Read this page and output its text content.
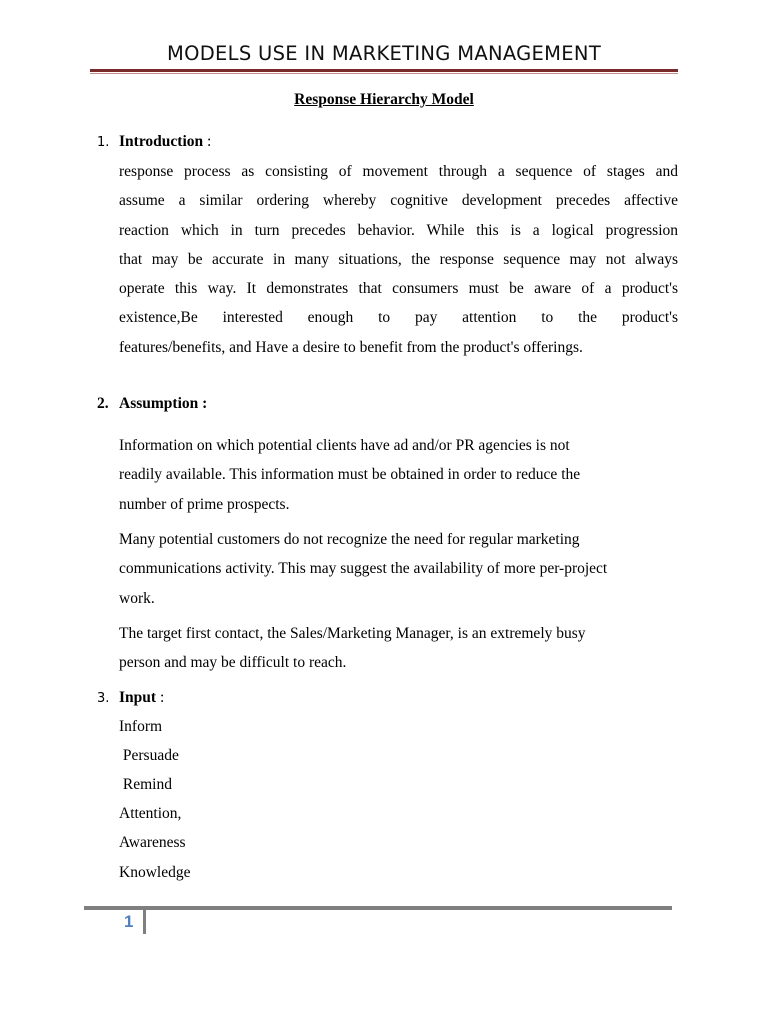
MODELS USE IN MARKETING MANAGEMENT
Response Hierarchy Model
1. Introduction :
response process as consisting of movement through a sequence of stages and
assume a similar ordering whereby cognitive development precedes affective
reaction which in turn precedes behavior. While this is a logical progression
that may be accurate in many situations, the response sequence may not always
operate this way. It demonstrates that consumers must be aware of a product's
existence,Be interested enough to pay attention to the product's
features/benefits, and Have a desire to benefit from the product's offerings.
2. Assumption :
Information on which potential clients have ad and/or PR agencies is not
readily available. This information must be obtained in order to reduce the
number of prime prospects.
Many potential customers do not recognize the need for regular marketing
communications activity. This may suggest the availability of more per-project
work.
The target first contact, the Sales/Marketing Manager, is an extremely busy
person and may be difficult to reach.
3. Input :
Inform
Persuade
Remind
Attention,
Awareness
Knowledge
1
